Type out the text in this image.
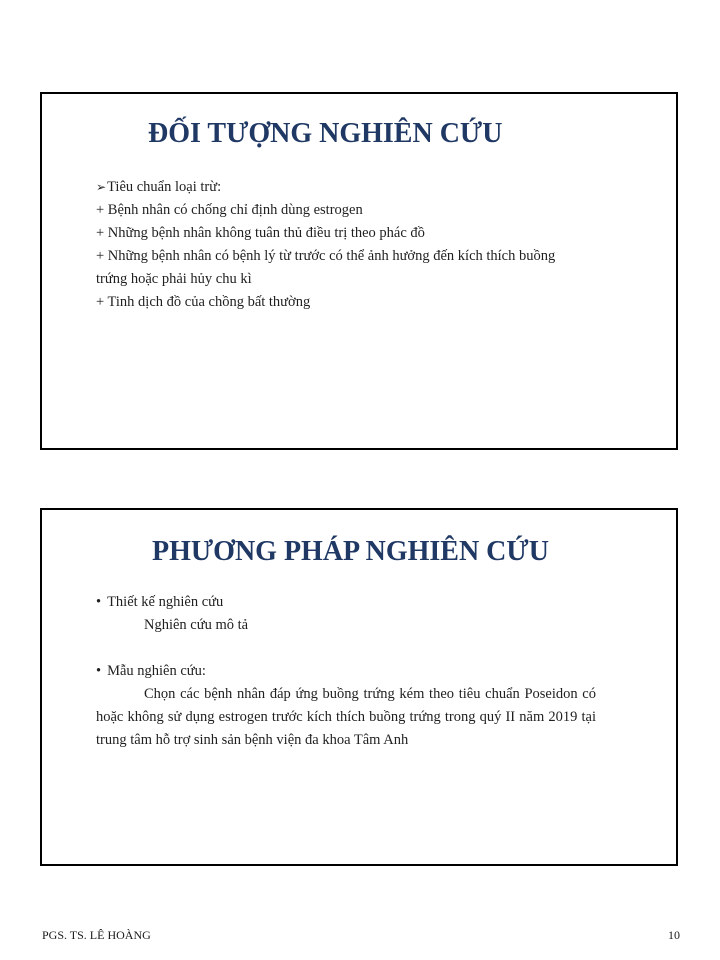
ĐỐI TƯỢNG NGHIÊN CỨU
➢Tiêu chuẩn loại trừ:
+ Bệnh nhân có chống chỉ định dùng estrogen
+ Những bệnh nhân không tuân thủ điều trị theo phác đồ
+ Những bệnh nhân có bệnh lý từ trước có thể ảnh hưởng đến kích thích buồng trứng hoặc phải hủy chu kì
+ Tinh dịch đồ của chồng bất thường
PHƯƠNG PHÁP NGHIÊN CỨU
• Thiết kế nghiên cứu
Nghiên cứu mô tả
• Mẫu nghiên cứu:
Chọn các bệnh nhân đáp ứng buồng trứng kém theo tiêu chuẩn Poseidon có hoặc không sử dụng estrogen trước kích thích buồng trứng trong quý II năm 2019 tại trung tâm hỗ trợ sinh sản bệnh viện đa khoa Tâm Anh
PGS. TS. LÊ HOÀNG	10
